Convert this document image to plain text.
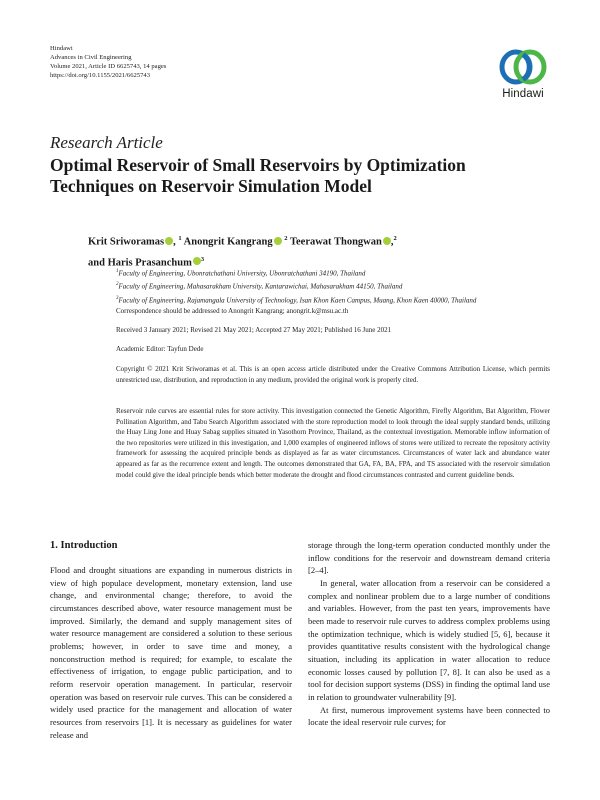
Hindawi
Advances in Civil Engineering
Volume 2021, Article ID 6625743, 14 pages
https://doi.org/10.1155/2021/6625743
Hindawi
Research Article
Optimal Reservoir of Small Reservoirs by Optimization Techniques on Reservoir Simulation Model
Krit Sriworamas , $^1$ Anongrit Kangrang $^2$ Teerawat Thongwan ,$^2$
and Haris Prasanchum $^3$
$^1$Faculty of Engineering, Ubonratchathani University, Ubonratchathani 34190, Thailand
$^2$Faculty of Engineering, Mahasarakham University, Kantarawichai, Mahasarakham 44150, Thailand
$^3$Faculty of Engineering, Rajamangala University of Technology, Isan Khon Kaen Campus, Muang, Khon Kaen 40000, Thailand
Correspondence should be addressed to Anongrit Kangrang; anongrit.k@msu.ac.th
Received 3 January 2021; Revised 21 May 2021; Accepted 27 May 2021; Published 16 June 2021
Academic Editor: Tayfun Dede
Copyright © 2021 Krit Sriworamas et al. This is an open access article distributed under the Creative Commons Attribution License, which permits unrestricted use, distribution, and reproduction in any medium, provided the original work is properly cited.
Reservoir rule curves are essential rules for store activity. This investigation connected the Genetic Algorithm, Firefly Algorithm, Bat Algorithm, Flower Pollination Algorithm, and Tabu Search Algorithm associated with the store reproduction model to look through the ideal supply standard bends, utilizing the Huay Ling Jone and Huay Sabag supplies situated in Yasothorn Province, Thailand, as the contextual investigation. Memorable inflow information of the two repositories were utilized in this investigation, and 1,000 examples of engineered inflows of stores were utilized to recreate the repository activity framework for assessing the acquired principle bends as displayed as far as water circumstances. Circumstances of water lack and abundance water appeared as far as the recurrence extent and length. The outcomes demonstrated that GA, FA, BA, FPA, and TS associated with the reservoir simulation model could give the ideal principle bends which better moderate the drought and flood circumstances contrasted and current guideline bends.
1. Introduction

Flood and drought situations are expanding in numerous districts in view of high populace development, monetary extension, land use change, and environmental change; therefore, to avoid the circumstances described above, water resource management must be improved. Similarly, the demand and supply management sites of water resource management are considered a solution to these serious problems; however, in order to save time and money, a nonconstruction method is required; for example, to escalate the effectiveness of irrigation, to engage public participation, and to reform reservoir operation management. In particular, reservoir operation was based on reservoir rule curves. This can be considered a widely used practice for the management and allocation of water resources from reservoirs [1]. It is necessary as guidelines for water release and

storage through the long-term operation conducted monthly under the inflow conditions for the reservoir and downstream demand criteria [2–4].

In general, water allocation from a reservoir can be considered a complex and nonlinear problem due to a large number of conditions and variables. However, from the past ten years, improvements have been made to reservoir rule curves to address complex problems using the optimization technique, which is widely studied [5, 6], because it provides quantitative results consistent with the hydrological change situation, including its application in water allocation to reduce economic losses caused by pollution [7, 8]. It can also be used as a tool for decision support systems (DSS) in finding the optimal land use in relation to groundwater vulnerability [9].

At first, numerous improvement systems have been connected to locate the ideal reservoir rule curves; for
